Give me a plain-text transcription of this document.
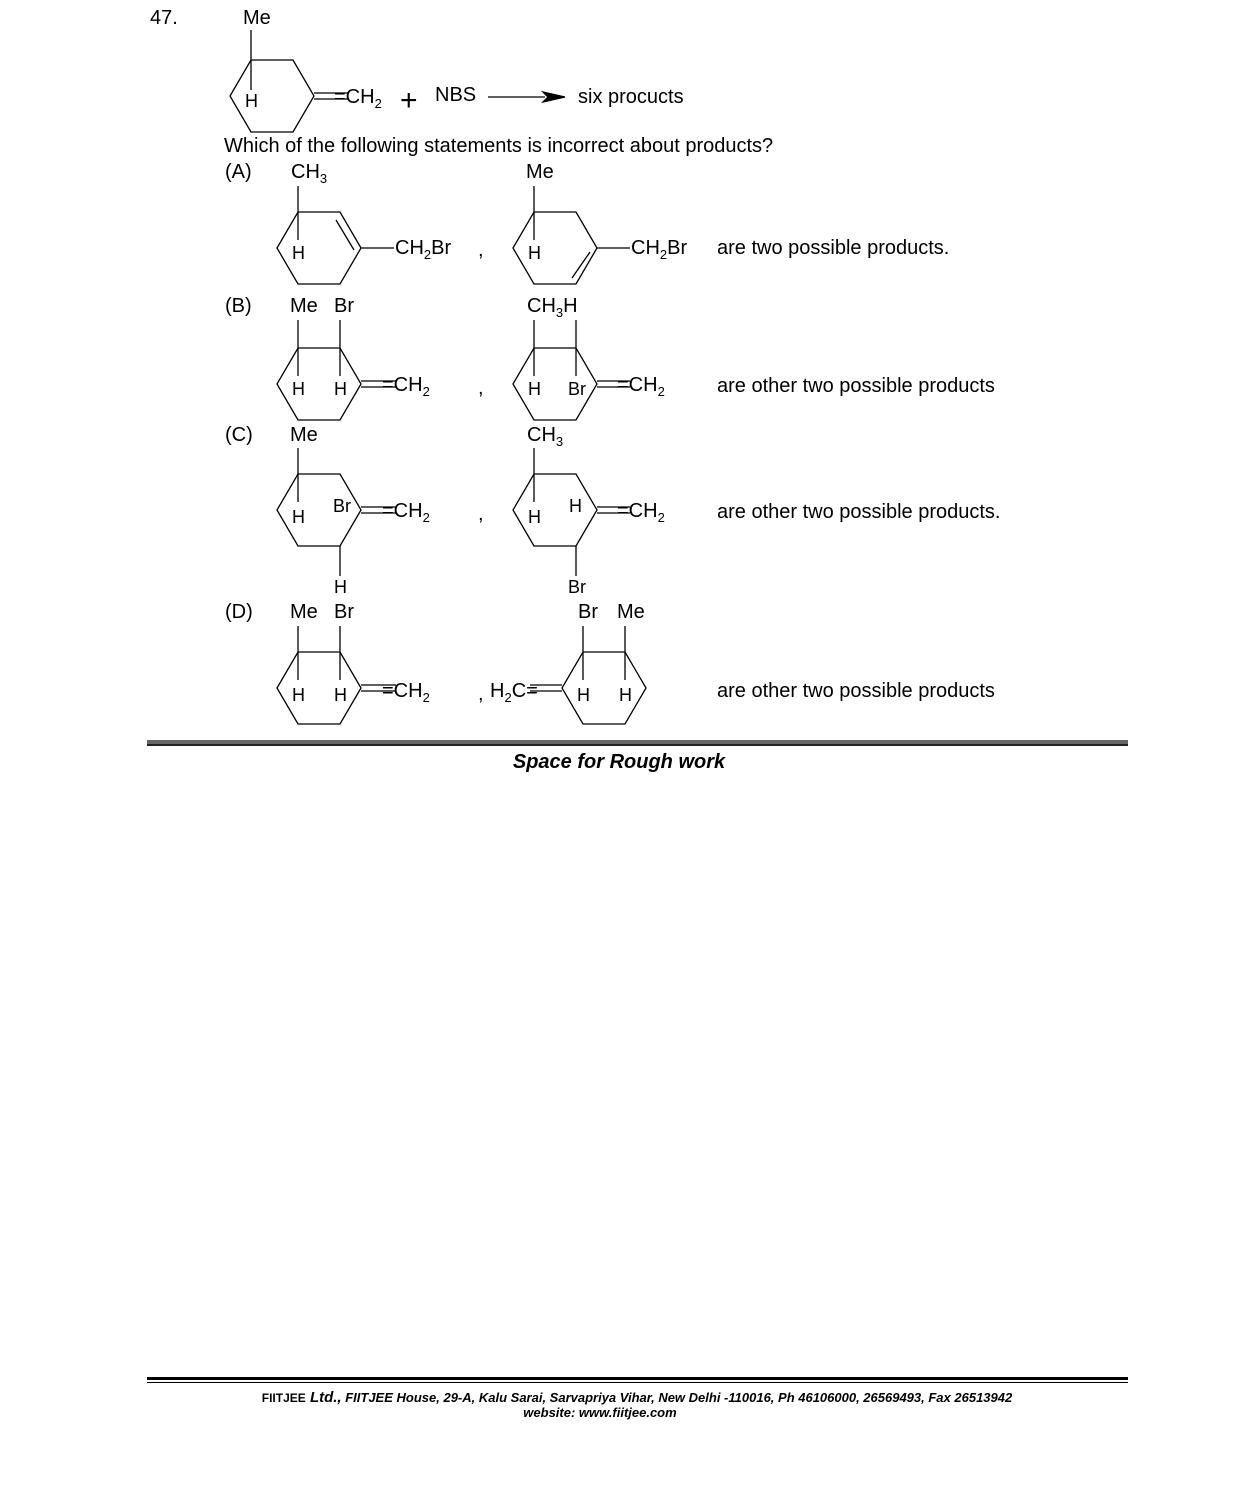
47.	Me
H	$=CH_2$ + NBS	six procucts
Which of the following statements is incorrect about products?
(A) $CH_3$
H	$CH_2Br$ ,
Me
H	$CH_2Br$ are two possible products.
(B) Me Br
H $H =CH_2$ ,
$CH_3H$
H $Br =CH_2$	are other two possible products
(C) Me
H
$Br =CH_2$
H
,
$CH_3$
H
$H =CH_2$
Br
are other two possible products.
(D) Me Br
H $H =CH_2$ , $H_2C=$
Br Me
H H	are other two possible products
Space for Rough work
FIITJEE Ltd., FIITJEE House, 29-A, Kalu Sarai, Sarvapriya Vihar, New Delhi -110016, Ph 46106000, 26569493, Fax 26513942
website: www.fiitjee.com
